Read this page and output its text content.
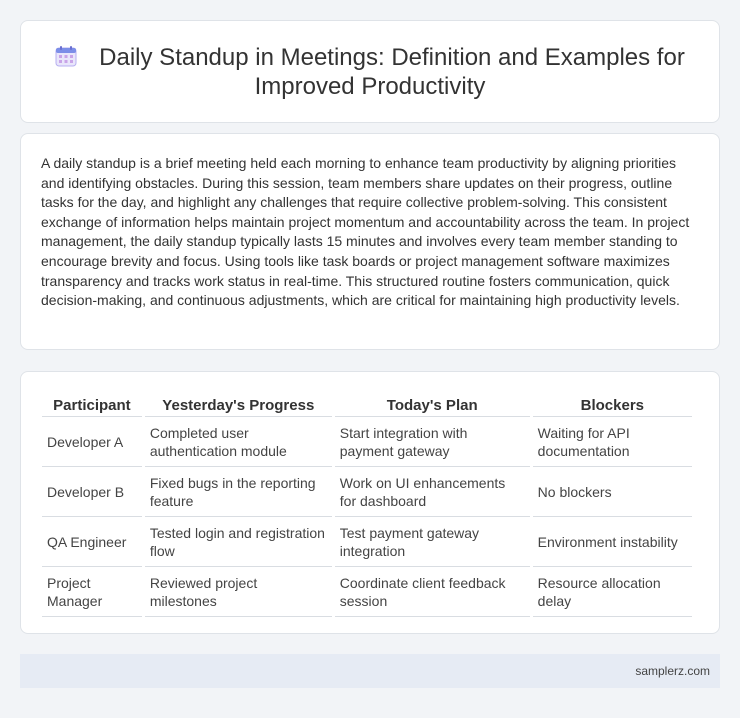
Daily Standup in Meetings: Definition and Examples for Improved Productivity

A daily standup is a brief meeting held each morning to enhance team productivity by aligning priorities and identifying obstacles. During this session, team members share updates on their progress, outline tasks for the day, and highlight any challenges that require collective problem-solving. This consistent exchange of information helps maintain project momentum and accountability across the team. In project management, the daily standup typically lasts 15 minutes and involves every team member standing to encourage brevity and focus. Using tools like task boards or project management software maximizes transparency and tracks work status in real-time. This structured routine fosters communication, quick decision-making, and continuous adjustments, which are critical for maintaining high productivity levels.

Participant	Yesterday's Progress	Today's Plan	Blockers
Developer A	Completed user authentication module	Start integration with payment gateway	Waiting for API documentation
Developer B	Fixed bugs in the reporting feature	Work on UI enhancements for dashboard	No blockers
QA Engineer	Tested login and registration flow	Test payment gateway integration	Environment instability
Project Manager	Reviewed project milestones	Coordinate client feedback session	Resource allocation delay
samplerz.com
